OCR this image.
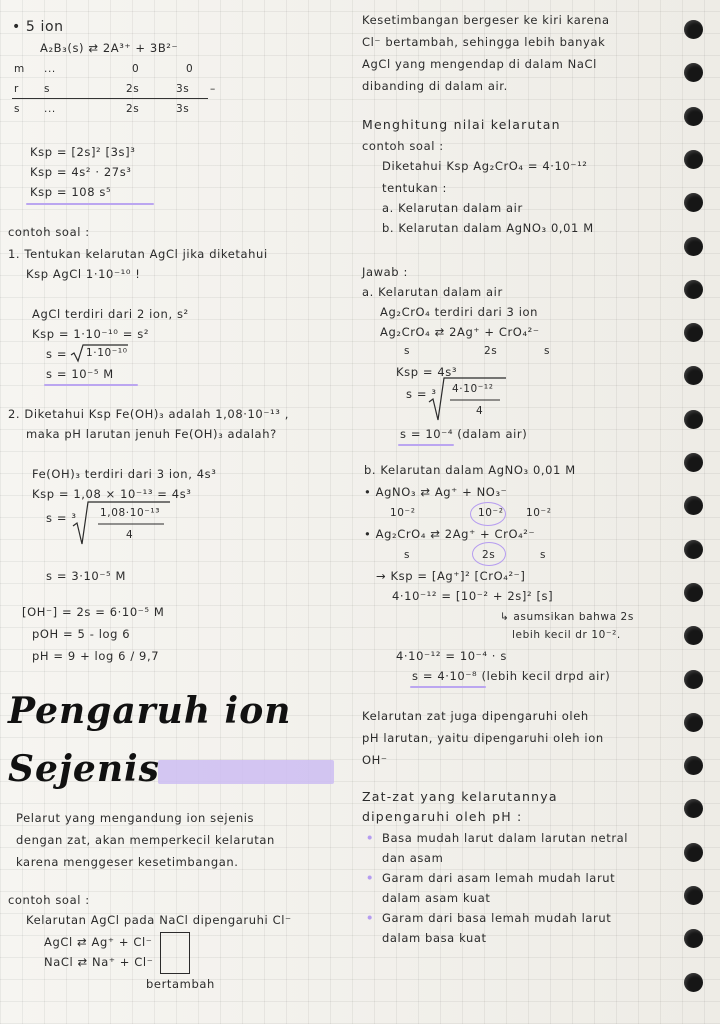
• 5 ion
A₂B₃(s) ⇄ 2A³⁺ + 3B²⁻
m ...	0	0
r s	2s	3s –
s ...	2s	3s
Ksp = [2s]² [3s]³
Ksp = 4s² · 27s³
Ksp = 108 s⁵
contoh soal :
1. Tentukan kelarutan AgCl jika diketahui
Ksp AgCl 1·10⁻¹⁰ !
AgCl terdiri dari 2 ion, s²
Ksp = 1·10⁻¹⁰ = s²
s = 1·10⁻¹⁰
s = 10⁻⁵ M
2. Diketahui Ksp Fe(OH)₃ adalah 1,08·10⁻¹³ ,
maka pH larutan jenuh Fe(OH)₃ adalah?
Fe(OH)₃ terdiri dari 3 ion, 4s³
Ksp = 1,08 × 10⁻¹³ = 4s³
s = ³ 1,08·10⁻¹³
4
s = 3·10⁻⁵ M
[OH⁻] = 2s = 6·10⁻⁵ M
pOH = 5 - log 6
pH = 9 + log 6 / 9,7
Pengaruh ion
Sejenis
Pelarut yang mengandung ion sejenis
dengan zat, akan memperkecil kelarutan
karena menggeser kesetimbangan.
contoh soal :
Kelarutan AgCl pada NaCl dipengaruhi Cl⁻
AgCl ⇄ Ag⁺ + Cl⁻
NaCl ⇄ Na⁺ + Cl⁻
bertambah
Kesetimbangan bergeser ke kiri karena
Cl⁻ bertambah, sehingga lebih banyak
AgCl yang mengendap di dalam NaCl
dibanding di dalam air.
Menghitung nilai kelarutan
contoh soal :
Diketahui Ksp Ag₂CrO₄ = 4·10⁻¹²
tentukan :
a. Kelarutan dalam air
b. Kelarutan dalam AgNO₃ 0,01 M
Jawab :
a. Kelarutan dalam air
Ag₂CrO₄ terdiri dari 3 ion
Ag₂CrO₄ ⇄ 2Ag⁺ + CrO₄²⁻
s	2s	s
Ksp = 4s³
s = ³ 4·10⁻¹²
4
s = 10⁻⁴ (dalam air)
b. Kelarutan dalam AgNO₃ 0,01 M
• AgNO₃ ⇄ Ag⁺ + NO₃⁻
10⁻²	10⁻² 10⁻²
• Ag₂CrO₄ ⇄ 2Ag⁺ + CrO₄²⁻
s	2s	s
→ Ksp = [Ag⁺]² [CrO₄²⁻]
4·10⁻¹² = [10⁻² + 2s]² [s]
↳ asumsikan bahwa 2s
lebih kecil dr 10⁻².
4·10⁻¹² = 10⁻⁴ · s
s = 4·10⁻⁸ (lebih kecil drpd air)
Kelarutan zat juga dipengaruhi oleh
pH larutan, yaitu dipengaruhi oleh ion
OH⁻
Zat-zat yang kelarutannya
dipengaruhi oleh pH :
• Basa mudah larut dalam larutan netral
dan asam
• Garam dari asam lemah mudah larut
dalam asam kuat
• Garam dari basa lemah mudah larut
dalam basa kuat
